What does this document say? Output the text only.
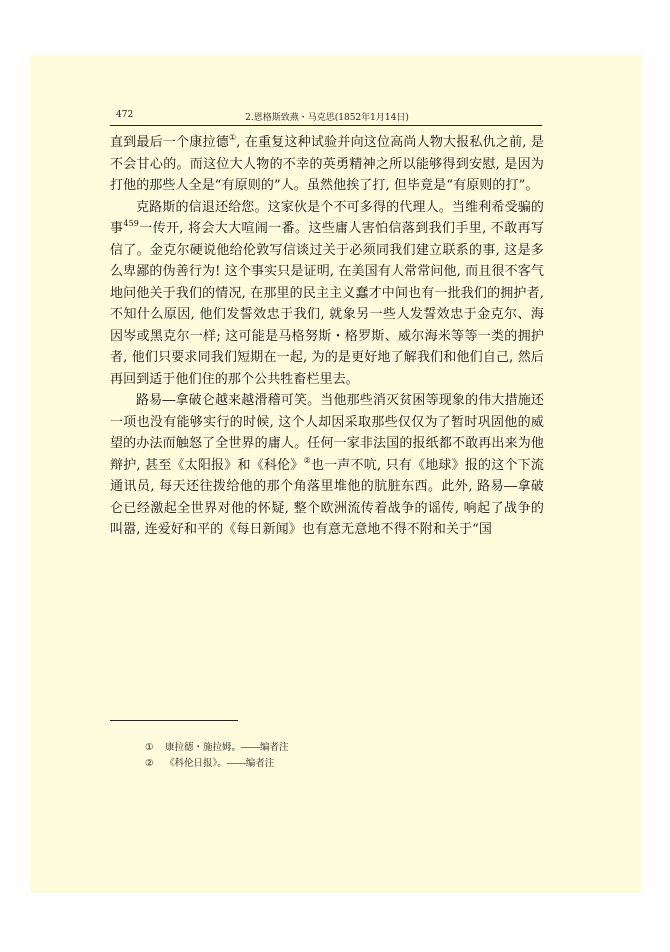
472	2.恩格斯致燕・马克思(1852年1月14日)

直到最后一个康拉德①, 在重复这种试验并向这位高尚人物大报私仇之前, 是不会甘心的。而这位大人物的不幸的英勇精神之所以能够得到安慰, 是因为打他的那些人全是“有原则的”人。虽然他挨了打, 但毕竟是“有原则的打”。

克路斯的信退还给您。这家伙是个不可多得的代理人。当维利希受骗的事$^{459}$一传开, 将会大大喧闹一番。这些庸人害怕信落到我们手里, 不敢再写信了。金克尔硬说他给伦敦写信谈过关于必须同我们建立联系的事, 这是多么卑鄙的伪善行为! 这个事实只是证明, 在美国有人常常问他, 而且很不客气地问他关于我们的情况, 在那里的民主主义蠢才中间也有一批我们的拥护者, 不知什么原因, 他们发誓效忠于我们, 就象另一些人发誓效忠于金克尔、海因岑或黑克尔一样; 这可能是马格努斯・格罗斯、威尔海米等等一类的拥护者, 他们只要求同我们短期在一起, 为的是更好地了解我们和他们自己, 然后再回到适于他们住的那个公共牲畜栏里去。

路易―拿破仑越来越滑稽可笑。当他那些消灭贫困等现象的伟大措施还一项也没有能够实行的时候, 这个人却因采取那些仅仅为了暂时巩固他的威望的办法而触怒了全世界的庸人。任何一家非法国的报纸都不敢再出来为他辩护, 甚至《太阳报》和《科伦》②也一声不吭, 只有《地球》报的这个下流通讯员, 每天还往拨给他的那个角落里堆他的肮脏东西。此外, 路易―拿破仑已经激起全世界对他的怀疑, 整个欧洲流传着战争的谣传, 响起了战争的叫嚣, 连爱好和平的《每日新闻》也有意无意地不得不附和关于“国

① 康拉德・施拉姆。――编者注
② 《科伦日报》。――编者注
